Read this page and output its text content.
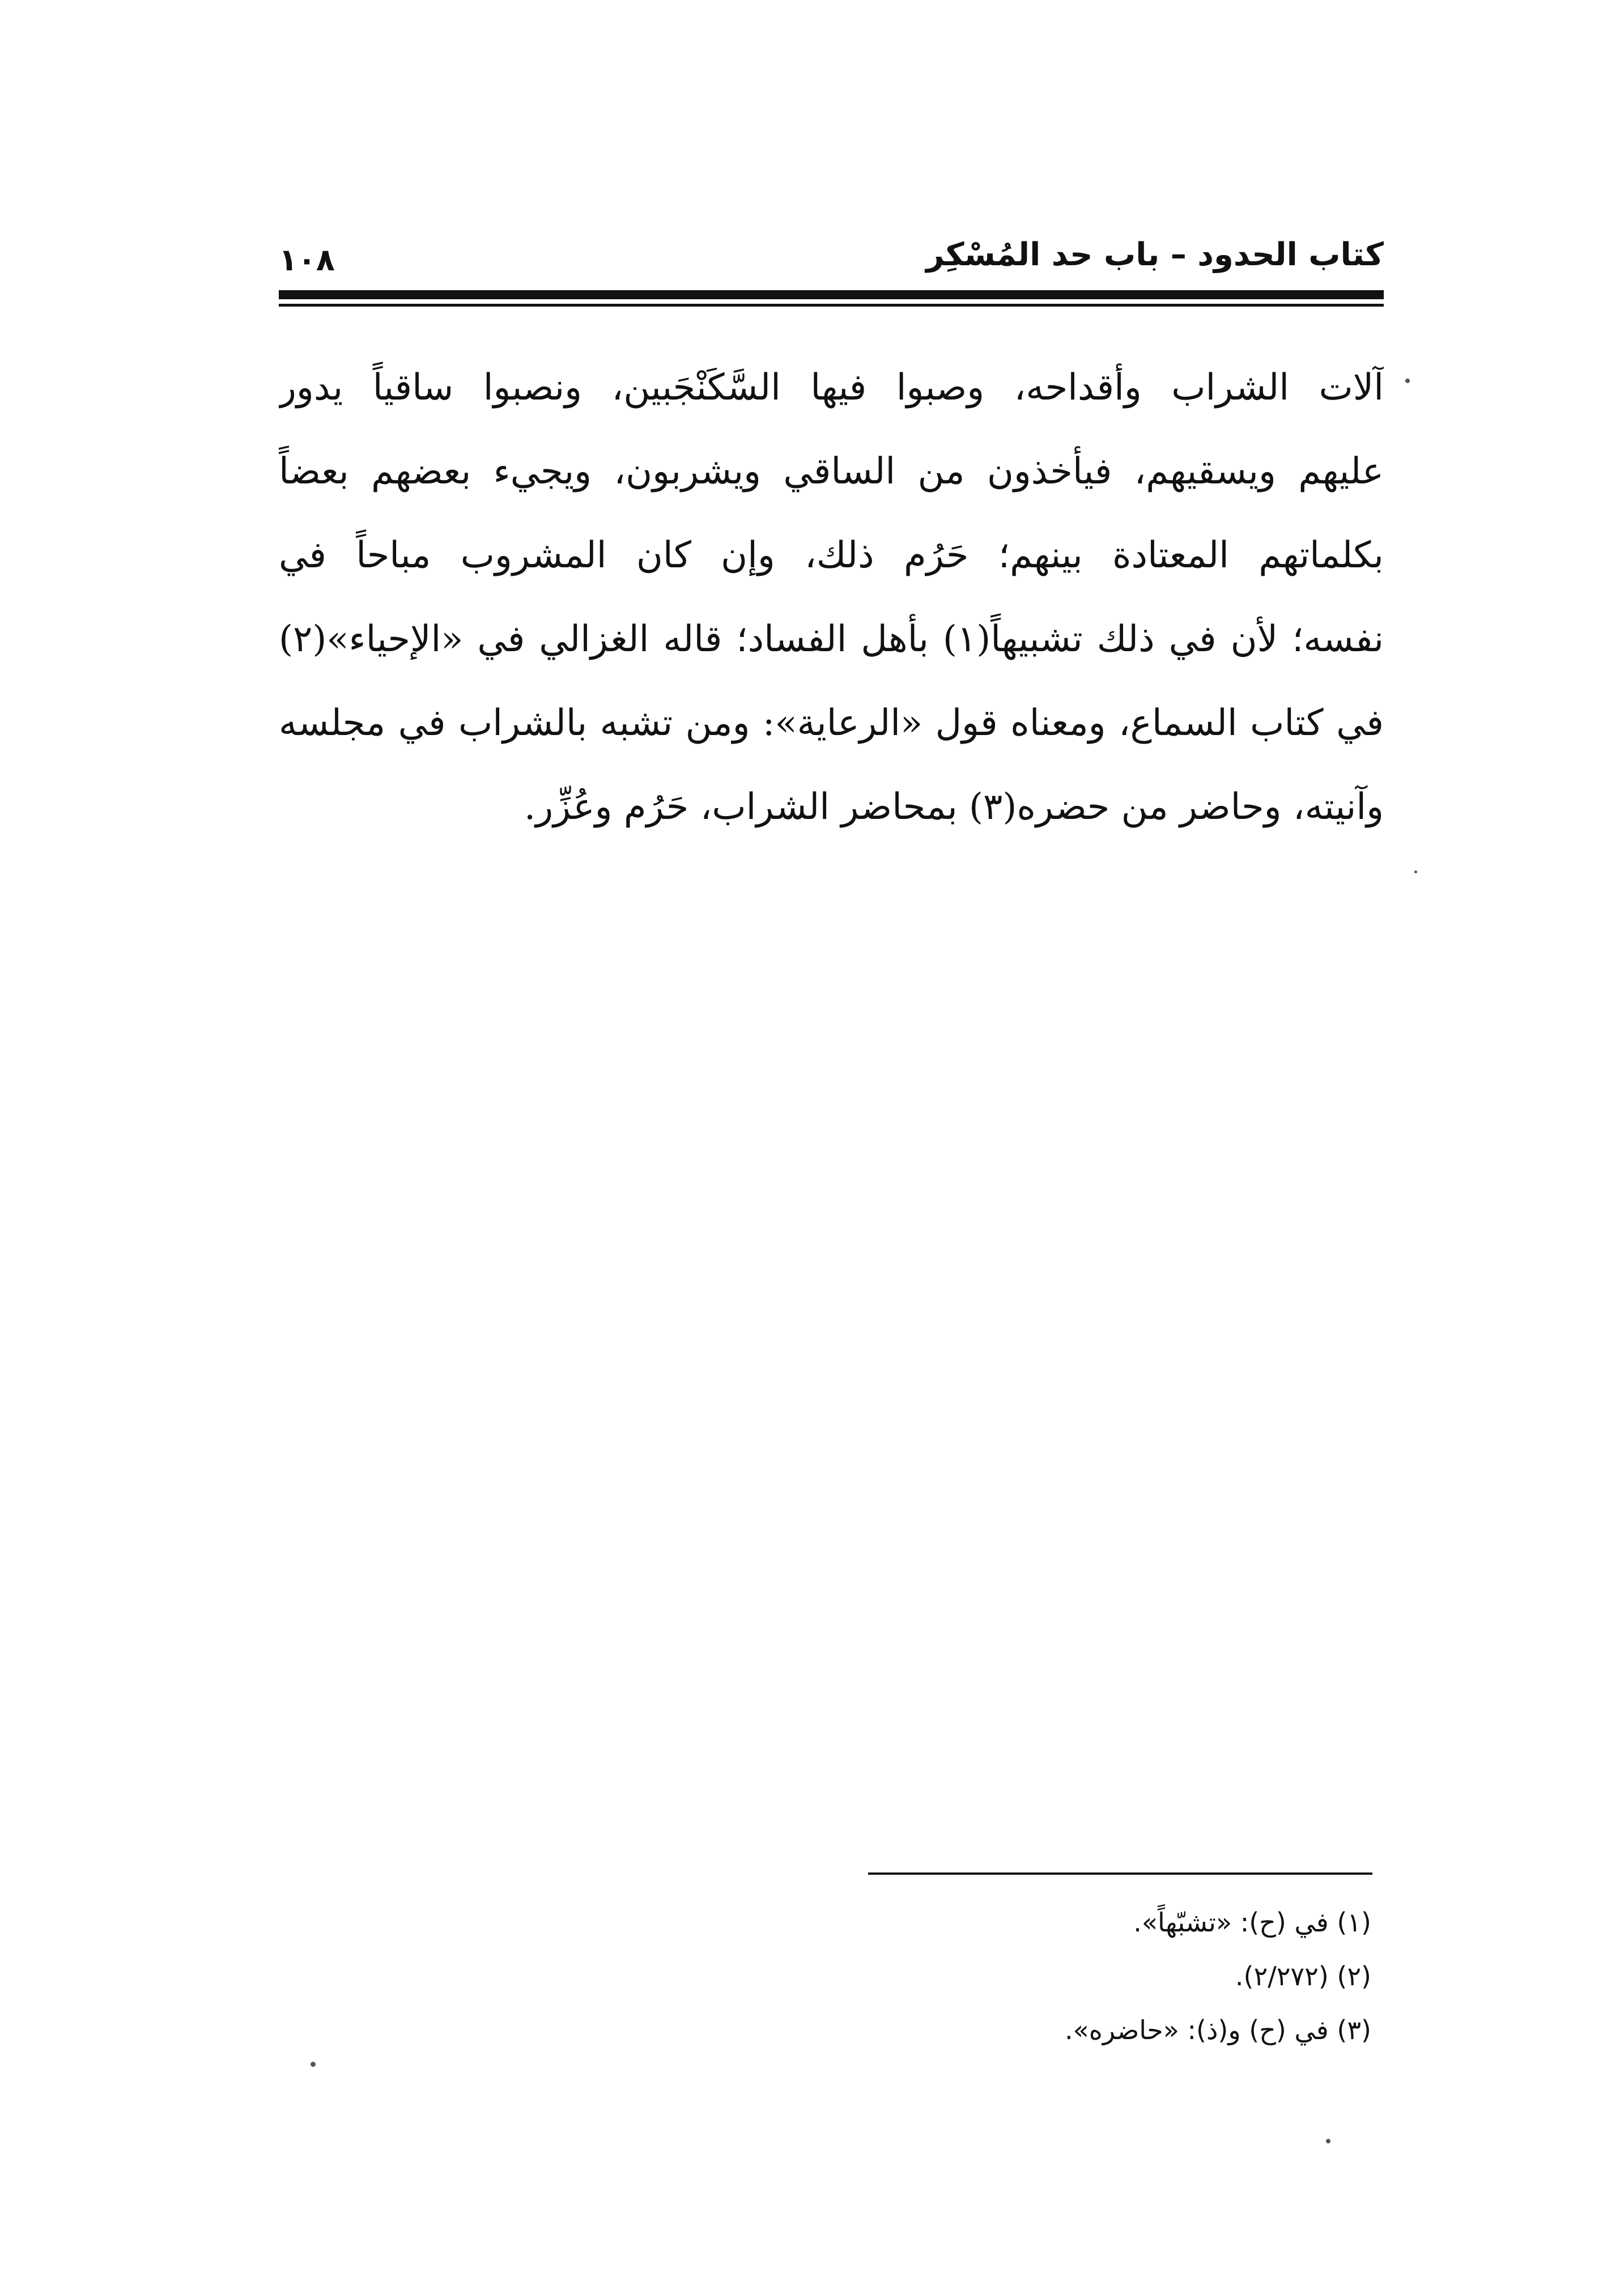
كتاب الحدود – باب حد المُسْكِر
١٠٨
آلات الشراب وأقداحه، وصبوا فيها السَّكَنْجَبين، ونصبوا ساقياً يدور
عليهم ويسقيهم، فيأخذون من الساقي ويشربون، ويجيء بعضهم بعضاً
بكلماتهم المعتادة بينهم؛ حَرُم ذلك، وإن كان المشروب مباحاً في
نفسه؛ لأن في ذلك تشبيهاً(١) بأهل الفساد؛ قاله الغزالي في «الإحياء»(٢)
في كتاب السماع، ومعناه قول «الرعاية»: ومن تشبه بالشراب في مجلسه
وآنيته، وحاضر من حضره(٣) بمحاضر الشراب، حَرُم وعُزِّر.
(١) في (ح): «تشبّهاً».
(٢) (٢/٢٧٢).
(٣) في (ح) و(ذ): «حاضره».
